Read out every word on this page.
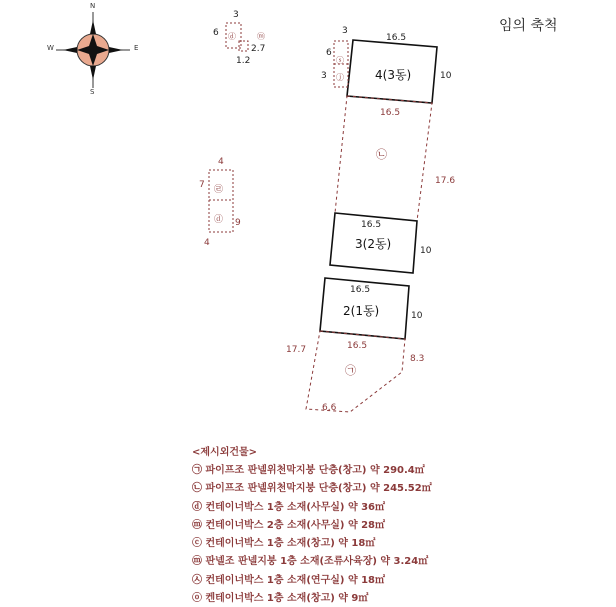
임의 축척
N
S
W	E
4(3동)
16.5
10
3(2동)
16.5
10
2(1동)
16.5
10
16.5
17.6
㉡
16.5
17.7
8.3
6.6
㉠
3
6
3
ⓢ
ⓙ
3
6
2.7
1.2
ⓓ	ⓜ
4
7
9
4
㉣
ⓓ
<제시외건물>
㉠ 파이프조 판넬위천막지붕 단층(창고) 약 290.4㎡
㉡ 파이프조 판넬위천막지붕 단층(창고) 약 245.52㎡
ⓓ 컨테이너박스 1층 소재(사무실) 약 36㎡
ⓜ 컨테이너박스 2층 소재(사무실) 약 28㎡
ⓒ 컨테이너박스 1층 소재(창고) 약 18㎡
ⓜ 판넬조 판넬지붕 1층 소재(조류사육장) 약 3.24㎡
㉦ 컨테이너박스 1층 소재(연구실) 약 18㎡
ⓞ 켄테이너박스 1층 소재(창고) 약 9㎡
